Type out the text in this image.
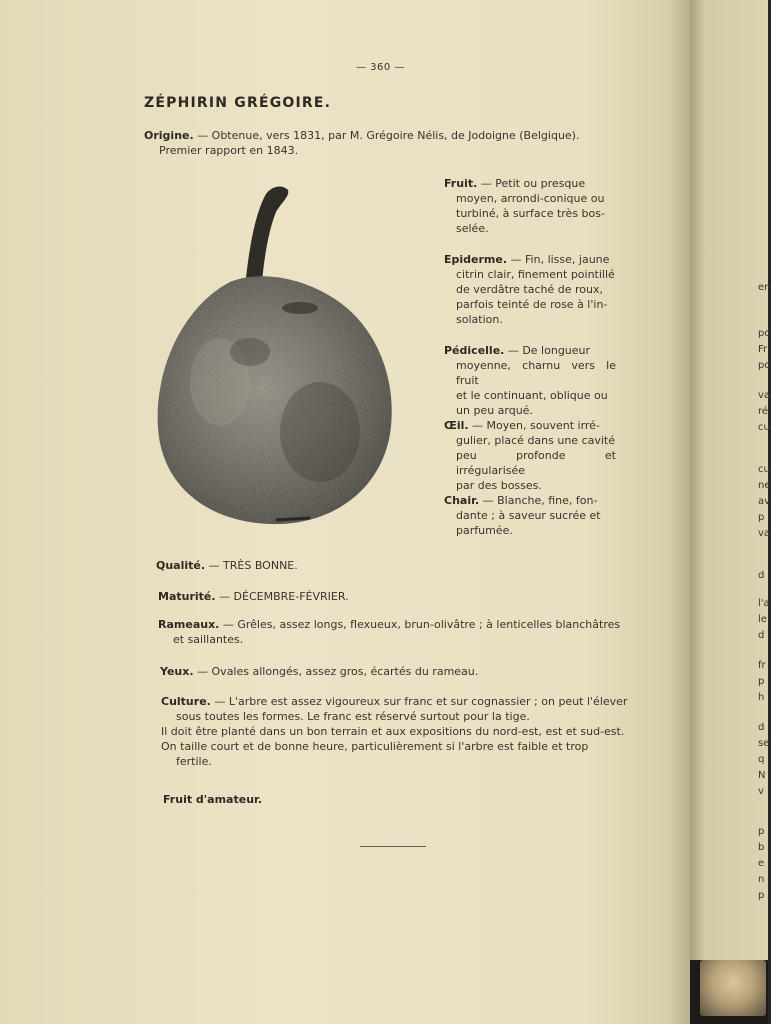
— 360 —
ZÉPHIRIN GRÉGOIRE.
Origine. — Obtenue, vers 1831, par M. Grégoire Nélis, de Jodoigne (Belgique).
Premier rapport en 1843.
Fruit. — Petit ou presque
moyen, arrondi-conique ou
turbiné, à surface très bos-
selée.
Epiderme. — Fin, lisse, jaune
citrin clair, finement pointillé
de verdâtre taché de roux,
parfois teinté de rose à l'in-
solation.
Pédicelle. — De longueur
moyenne, charnu vers le fruit
et le continuant, oblique ou
un peu arqué.
Œil. — Moyen, souvent irré-
gulier, placé dans une cavité
peu profonde et irrégularisée
par des bosses.
Chair. — Blanche, fine, fon-
dante ; à saveur sucrée et
parfumée.
Qualité. — TRÈS BONNE.
Maturité. — DÉCEMBRE-FÉVRIER.
Rameaux. — Grêles, assez longs, flexueux, brun-olivâtre ; à lenticelles blanchâtres
et saillantes.
Yeux. — Ovales allongés, assez gros, écartés du rameau.
Culture. — L'arbre est assez vigoureux sur franc et sur cognassier ; on peut l'élever
sous toutes les formes. Le franc est réservé surtout pour la tige.
Il doit être planté dans un bon terrain et aux expositions du nord-est, est et sud-est.
On taille court et de bonne heure, particulièrement si l'arbre est faible et trop
fertile.
Fruit d'amateur.
en
po
Fr
po
va
ré
cu
cu
ne
av
p
va
d
l'a
le
d
fr
p
h
d
se
q
N
v
p
b
e
n
p
